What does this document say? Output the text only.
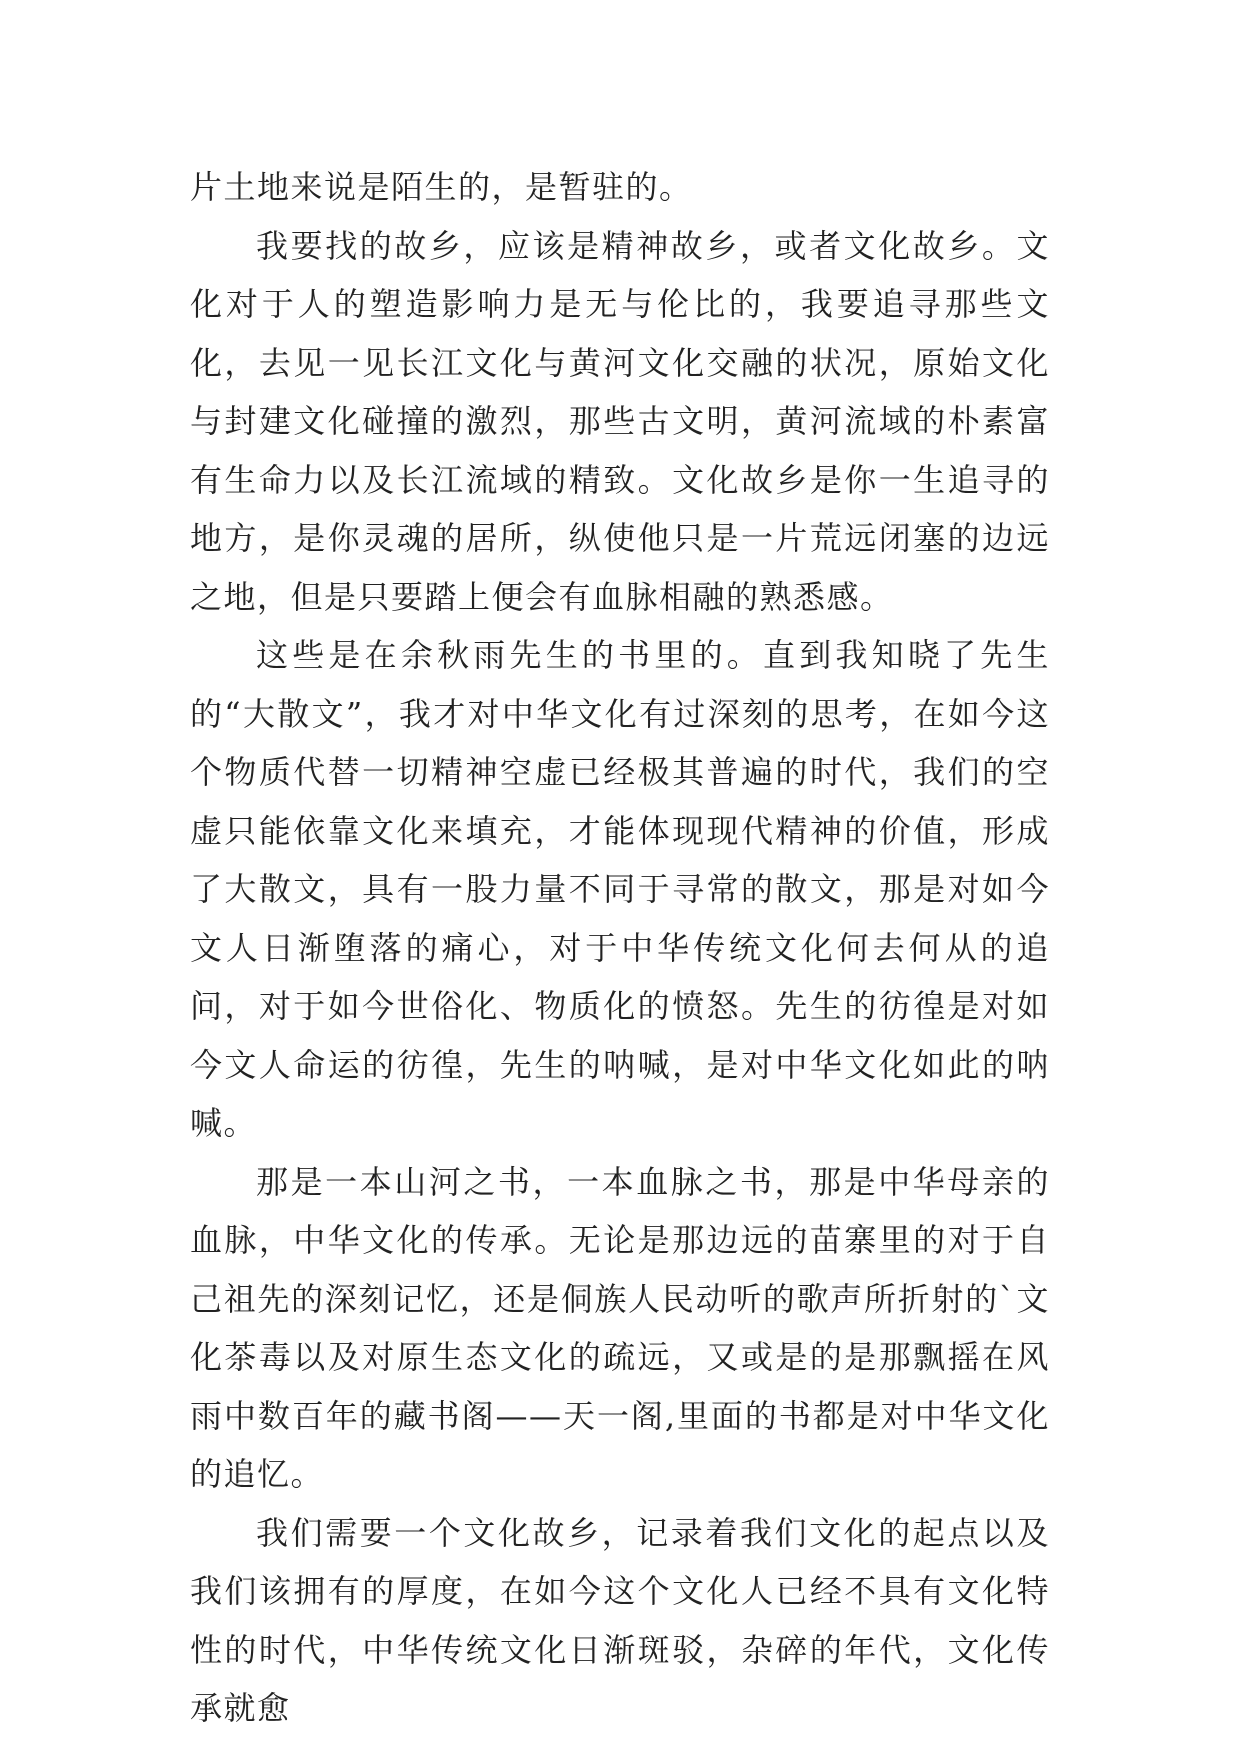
片土地来说是陌生的，是暂驻的。

我要找的故乡，应该是精神故乡，或者文化故乡。文化对于人的塑造影响力是无与伦比的，我要追寻那些文化，去见一见长江文化与黄河文化交融的状况，原始文化与封建文化碰撞的激烈，那些古文明，黄河流域的朴素富有生命力以及长江流域的精致。文化故乡是你一生追寻的地方，是你灵魂的居所，纵使他只是一片荒远闭塞的边远之地，但是只要踏上便会有血脉相融的熟悉感。

这些是在余秋雨先生的书里的。直到我知晓了先生的“大散文”，我才对中华文化有过深刻的思考，在如今这个物质代替一切精神空虚已经极其普遍的时代，我们的空虚只能依靠文化来填充，才能体现现代精神的价值，形成了大散文，具有一股力量不同于寻常的散文，那是对如今文人日渐堕落的痛心，对于中华传统文化何去何从的追问，对于如今世俗化、物质化的愤怒。先生的彷徨是对如今文人命运的彷徨，先生的呐喊，是对中华文化如此的呐喊。

那是一本山河之书，一本血脉之书，那是中华母亲的血脉，中华文化的传承。无论是那边远的苗寨里的对于自己祖先的深刻记忆，还是侗族人民动听的歌声所折射的`文化茶毒以及对原生态文化的疏远，又或是的是那飘摇在风雨中数百年的藏书阁——天一阁,里面的书都是对中华文化的追忆。

我们需要一个文化故乡，记录着我们文化的起点以及我们该拥有的厚度，在如今这个文化人已经不具有文化特性的时代，中华传统文化日渐斑驳，杂碎的年代，文化传承就愈
